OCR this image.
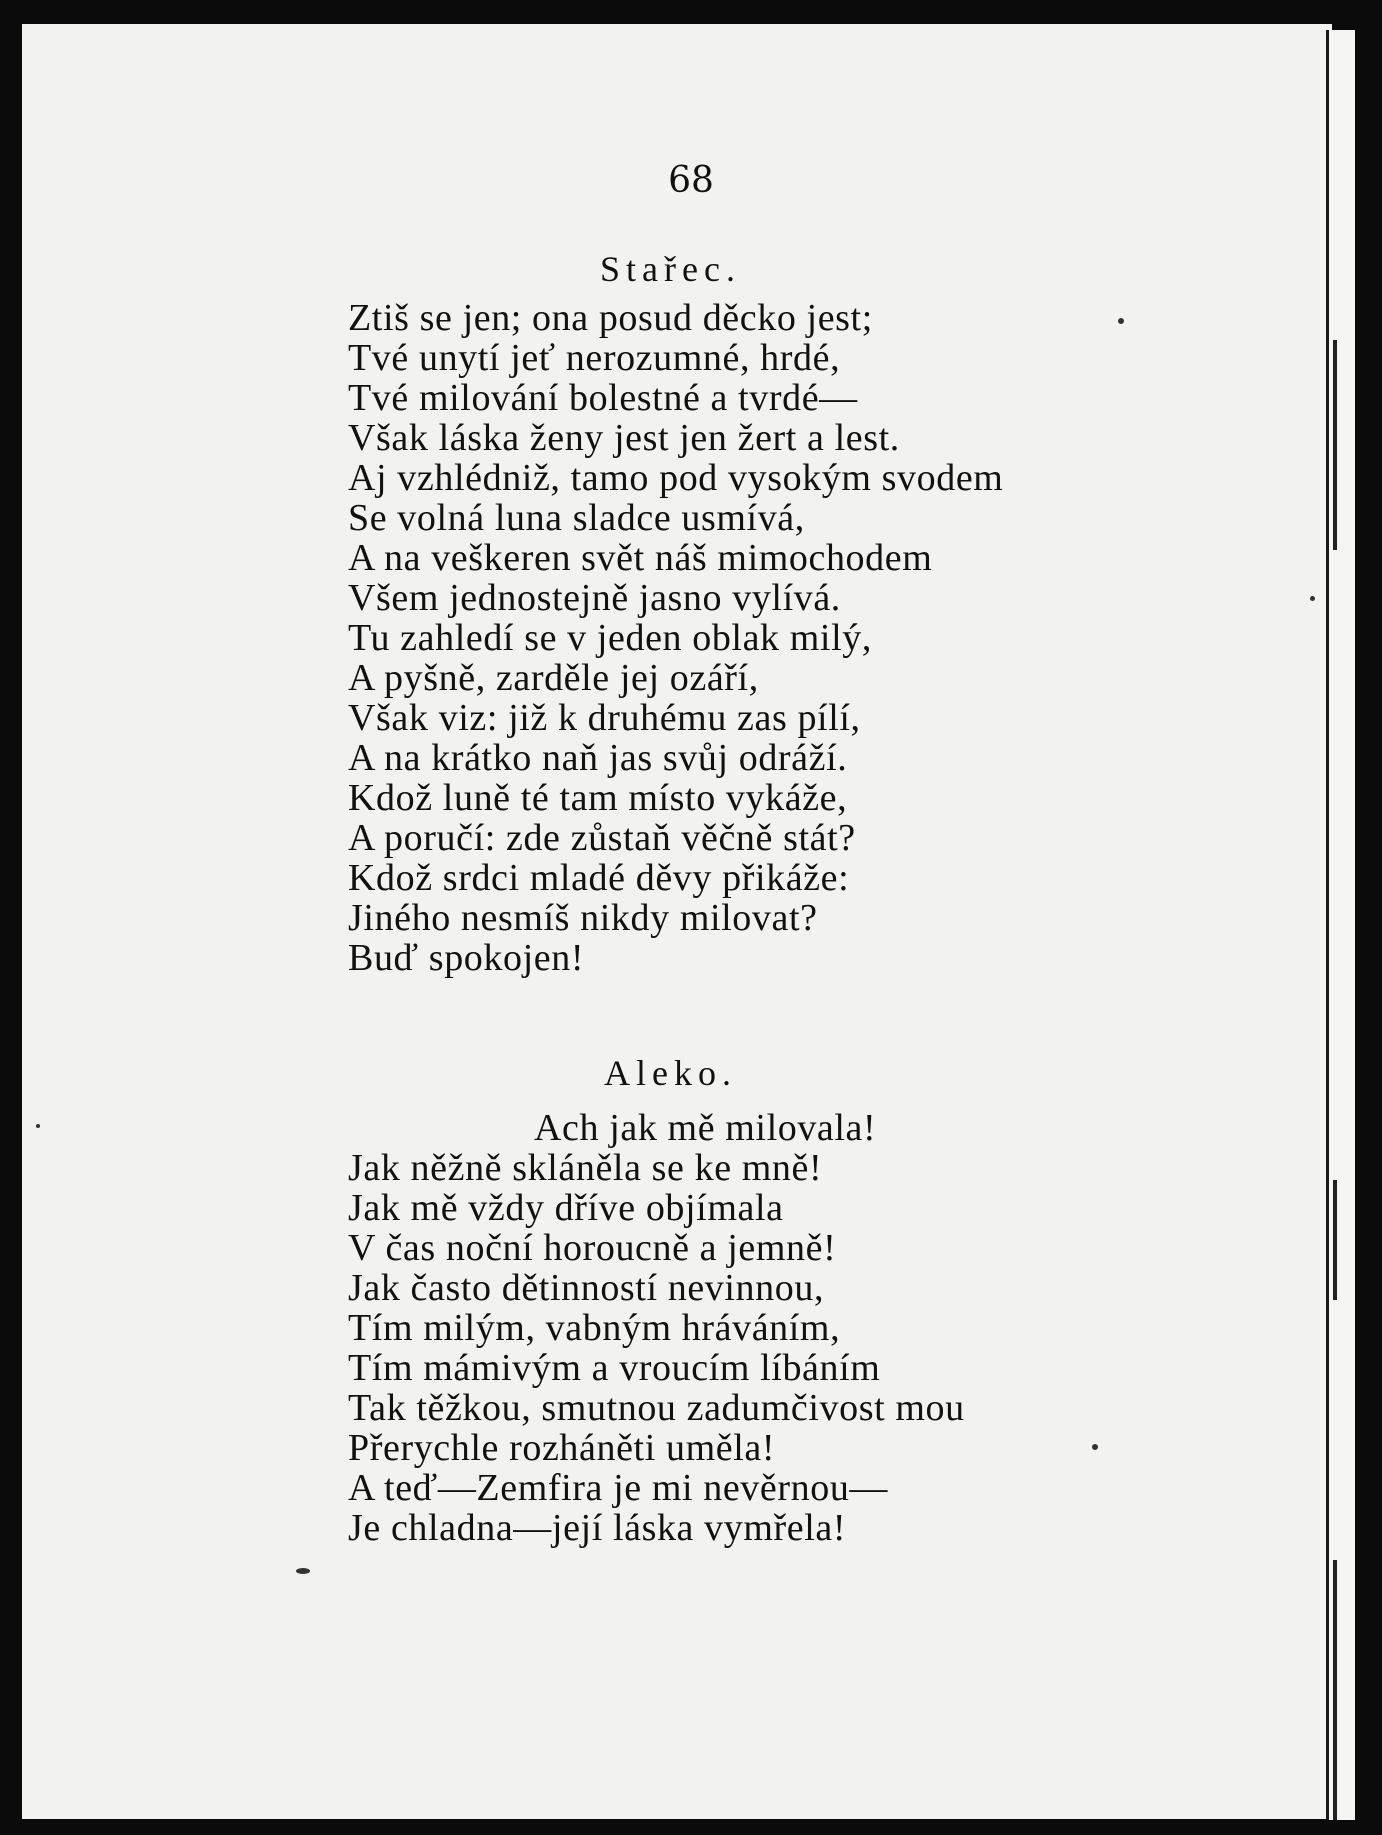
68
Stařec.
Ztiš se jen; ona posud děcko jest;
Tvé unytí jeť nerozumné, hrdé,
Tvé milování bolestné a tvrdé—
Však láska ženy jest jen žert a lest.
Aj vzhlédniž, tamo pod vysokým svodem
Se volná luna sladce usmívá,
A na veškeren svět náš mimochodem
Všem jednostejně jasno vylívá.
Tu zahledí se v jeden oblak milý,
A pyšně, zarděle jej ozáří,
Však viz: již k druhému zas pílí,
A na krátko naň jas svůj odráží.
Kdož luně té tam místo vykáže,
A poručí: zde zůstaň věčně stát?
Kdož srdci mladé děvy přikáže:
Jiného nesmíš nikdy milovat?
Buď spokojen!
Aleko.
Ach jak mě milovala!
Jak něžně skláněla se ke mně!
Jak mě vždy dříve objímala
V čas noční horoucně a jemně!
Jak často dětinností nevinnou,
Tím milým, vabným hráváním,
Tím mámivým a vroucím líbáním
Tak těžkou, smutnou zadumčivost mou
Přerychle rozháněti uměla!
A teď—Zemfira je mi nevěrnou—
Je chladna—její láska vymřela!
